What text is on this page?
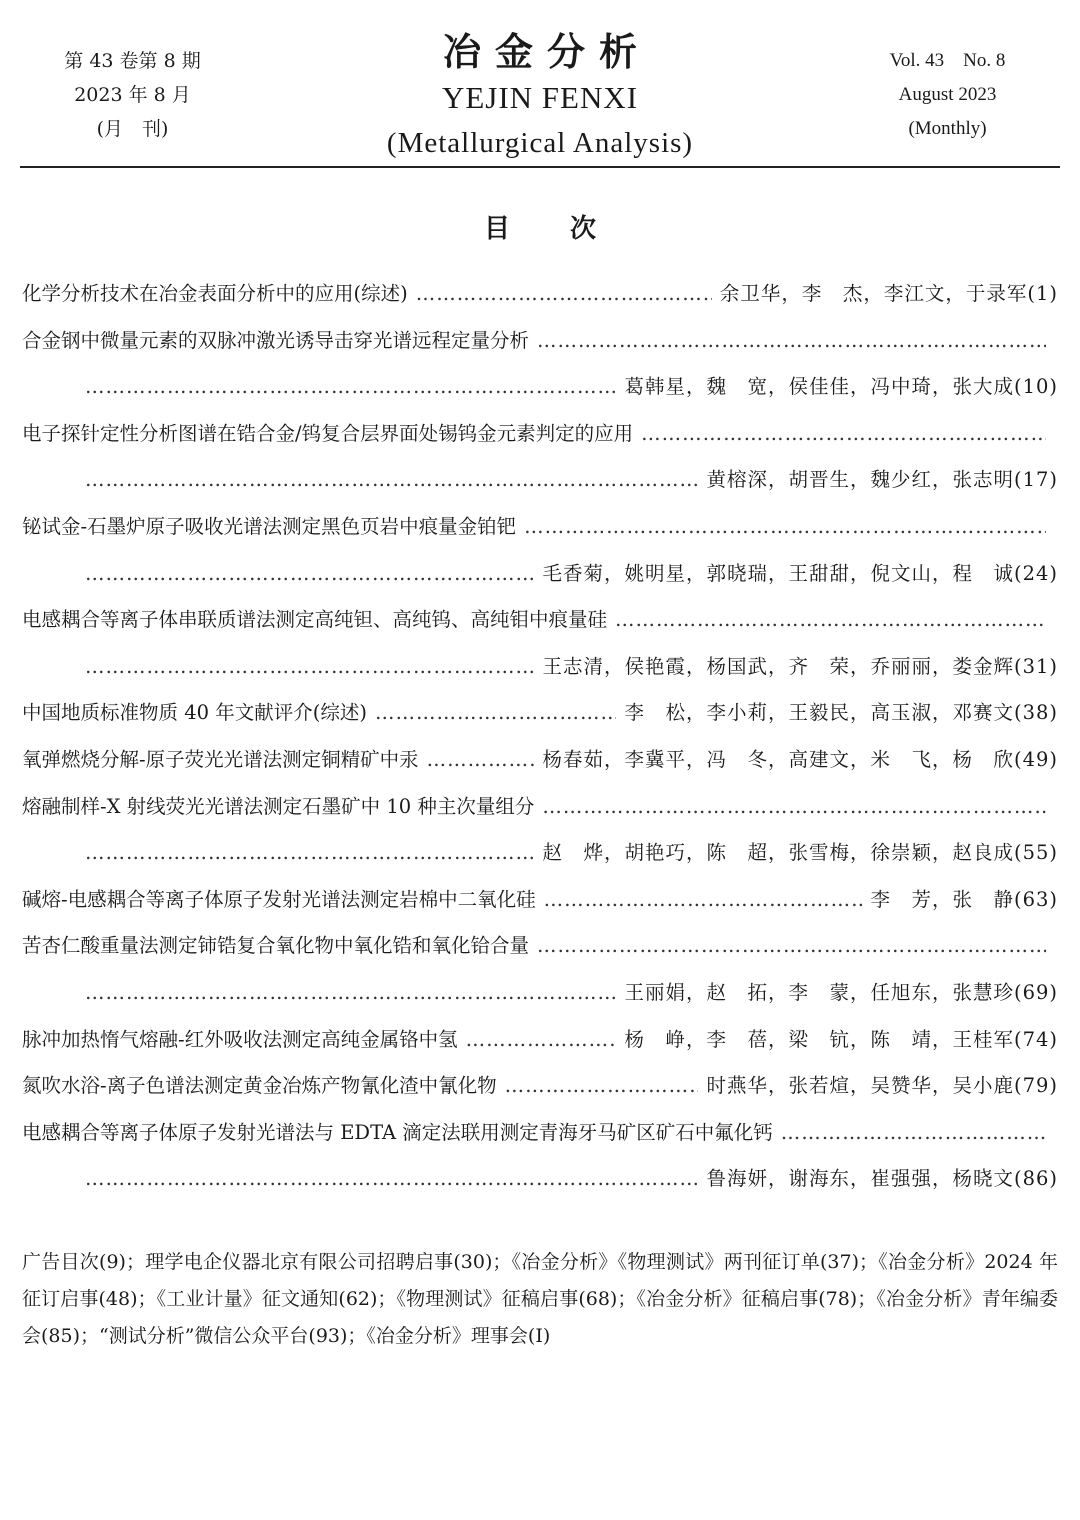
第 43 卷第 8 期
2023 年 8 月
(月　刊)
冶金分析
YEJIN FENXI
(Metallurgical Analysis)
Vol. 43　No. 8
August 2023
(Monthly)
目次
化学分析技术在冶金表面分析中的应用(综述) …………………………………………………………………………………………………………………………………………………………………………………………………………	余卫华，李　杰，李江文，于录军(1)
合金钢中微量元素的双脉冲激光诱导击穿光谱远程定量分析
…………………………………………………………………………………………………………………………………………………………………………………………………………
…………………………………………………………………………………………………………………………………………………………………………………………………………
葛韩星，魏　宽，侯佳佳，冯中琦，张大成(10)
电子探针定性分析图谱在锆合金/钨复合层界面处锡钨金元素判定的应用
…………………………………………………………………………………………………………………………………………………………………………………………………………
…………………………………………………………………………………………………………………………………………………………………………………………………………
黄榕深，胡晋生，魏少红，张志明(17)
铋试金-石墨炉原子吸收光谱法测定黑色页岩中痕量金铂钯
…………………………………………………………………………………………………………………………………………………………………………………………………………
…………………………………………………………………………………………………………………………………………………………………………………………………………
毛香菊，姚明星，郭晓瑞，王甜甜，倪文山，程　诚(24)
电感耦合等离子体串联质谱法测定高纯钽、高纯钨、高纯钼中痕量硅
…………………………………………………………………………………………………………………………………………………………………………………………………………
…………………………………………………………………………………………………………………………………………………………………………………………………………
王志清，侯艳霞，杨国武，齐　荣，乔丽丽，娄金辉(31)
中国地质标准物质 40 年文献评介(综述) …………………………………………………………………………………………………………………………………………………………………………………………………………	李　松，李小莉，王毅民，高玉淑，邓赛文(38)
氧弹燃烧分解-原子荧光光谱法测定铜精矿中汞 …………………………………………………………………………………………………………………………………………………………………………………………………………	杨春茹，李冀平，冯　冬，高建文，米　飞，杨　欣(49)
熔融制样-X 射线荧光光谱法测定石墨矿中 10 种主次量组分
…………………………………………………………………………………………………………………………………………………………………………………………………………
…………………………………………………………………………………………………………………………………………………………………………………………………………
赵　烨，胡艳巧，陈　超，张雪梅，徐崇颖，赵良成(55)
碱熔-电感耦合等离子体原子发射光谱法测定岩棉中二氧化硅 …………………………………………………………………………………………………………………………………………………………………………………………………………	李　芳，张　静(63)
苦杏仁酸重量法测定铈锆复合氧化物中氧化锆和氧化铪合量
…………………………………………………………………………………………………………………………………………………………………………………………………………
…………………………………………………………………………………………………………………………………………………………………………………………………………
王丽娟，赵　拓，李　蒙，任旭东，张慧珍(69)
脉冲加热惰气熔融-红外吸收法测定高纯金属铬中氢 …………………………………………………………………………………………………………………………………………………………………………………………………………	杨　峥，李　蓓，梁　钪，陈　靖，王桂军(74)
氮吹水浴-离子色谱法测定黄金冶炼产物氰化渣中氰化物 …………………………………………………………………………………………………………………………………………………………………………………………………………	时燕华，张若煊，吴赞华，吴小鹿(79)
电感耦合等离子体原子发射光谱法与 EDTA 滴定法联用测定青海牙马矿区矿石中氟化钙
…………………………………………………………………………………………………………………………………………………………………………………………………………
…………………………………………………………………………………………………………………………………………………………………………………………………………
鲁海妍，谢海东，崔强强，杨晓文(86)
广告目次(9)；理学电企仪器北京有限公司招聘启事(30)；《冶金分析》《物理测试》两刊征订单(37)；《冶金分析》2024 年征订启事(48)；《工业计量》征文通知(62)；《物理测试》征稿启事(68)；《冶金分析》征稿启事(78)；《冶金分析》青年编委会(85)；“测试分析”微信公众平台(93)；《冶金分析》理事会(Ⅰ)
